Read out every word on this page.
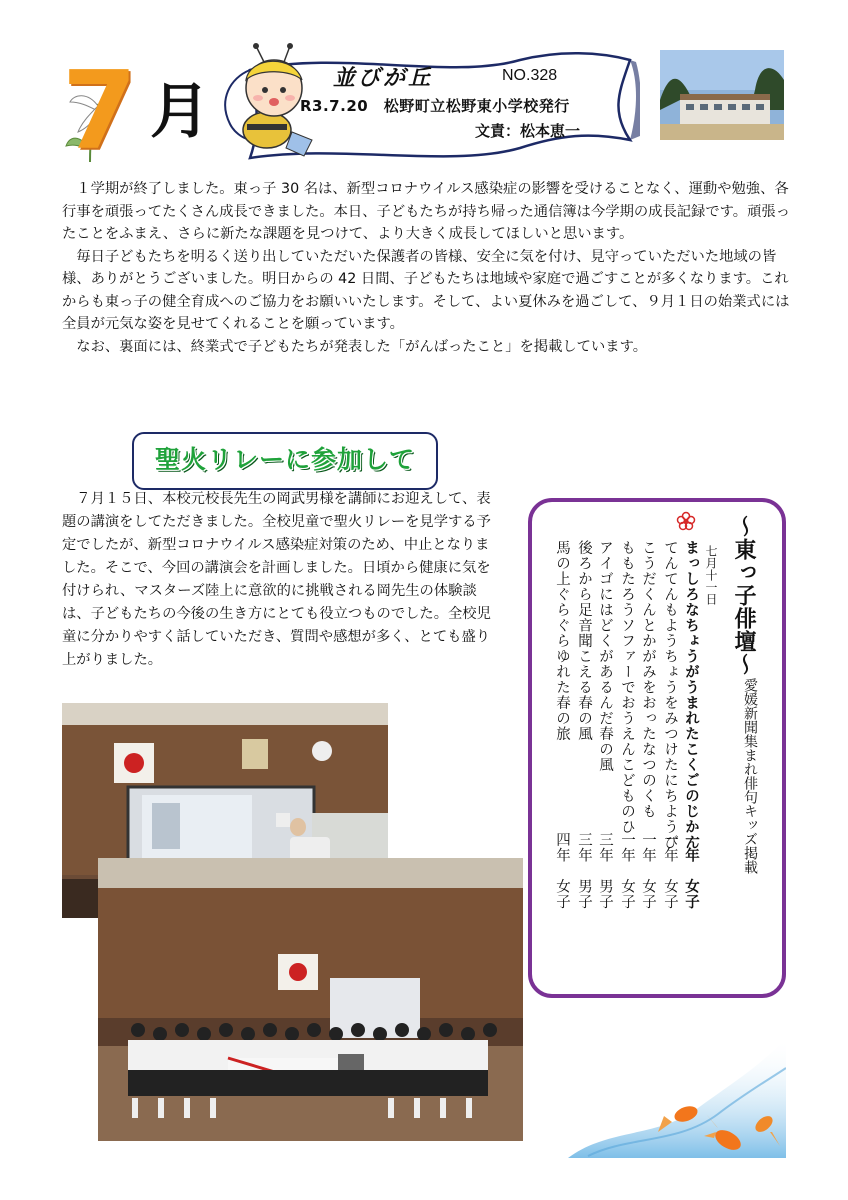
7 月	並びが丘	NO.328
R3.7.20　松野町立松野東小学校発行
文責：松本恵一

１学期が終了しました。東っ子 30 名は、新型コロナウイルス感染症の影響を受けることなく、運動や勉強、各行事を頑張ってたくさん成長できました。本日、子どもたちが持ち帰った通信簿は今学期の成長記録です。頑張ったことをふまえ、さらに新たな課題を見つけて、より大きく成長してほしいと思います。

毎日子どもたちを明るく送り出していただいた保護者の皆様、安全に気を付け、見守っていただいた地域の皆様、ありがとうございました。明日からの 42 日間、子どもたちは地域や家庭で過ごすことが多くなります。これからも東っ子の健全育成へのご協力をお願いいたします。そして、よい夏休みを過ごして、９月１日の始業式には全員が元気な姿を見せてくれることを願っています。

なお、裏面には、終業式で子どもたちが発表した「がんばったこと」を掲載しています。

聖火リレーに参加して

７月１５日、本校元校長先生の岡武男様を講師にお迎えして、表題の講演をしてただきました。全校児童で聖火リレーを見学する予定でしたが、新型コロナウイルス感染症対策のため、中止となりました。そこで、今回の講演会を計画しました。日頃から健康に気を付けられ、マスターズ陸上に意欲的に挑戦される岡先生の体験談は、子どもたちの今後の生き方にとても役立つものでした。全校児童に分かりやすく話していただき、質問や感想が多く、とても盛り上がりました。	～東っ子俳壇～
愛媛新聞集まれ俳句キッズ掲載
七月十一日
まっしろなちょうがうまれたこくごのじかん
一年　女子
てんてんもようちょうをみつけたにちようび
一年　女子
こうだくんとかがみをおったなつのくも
一年　女子
ももたろうソファーでおうえんこどものひ
一年　女子
アイゴにはどくがあるんだ春の風
三年　男子
後ろから足音聞こえる春の風
三年　男子
馬の上ぐらぐらゆれた春の旅
四年　女子
